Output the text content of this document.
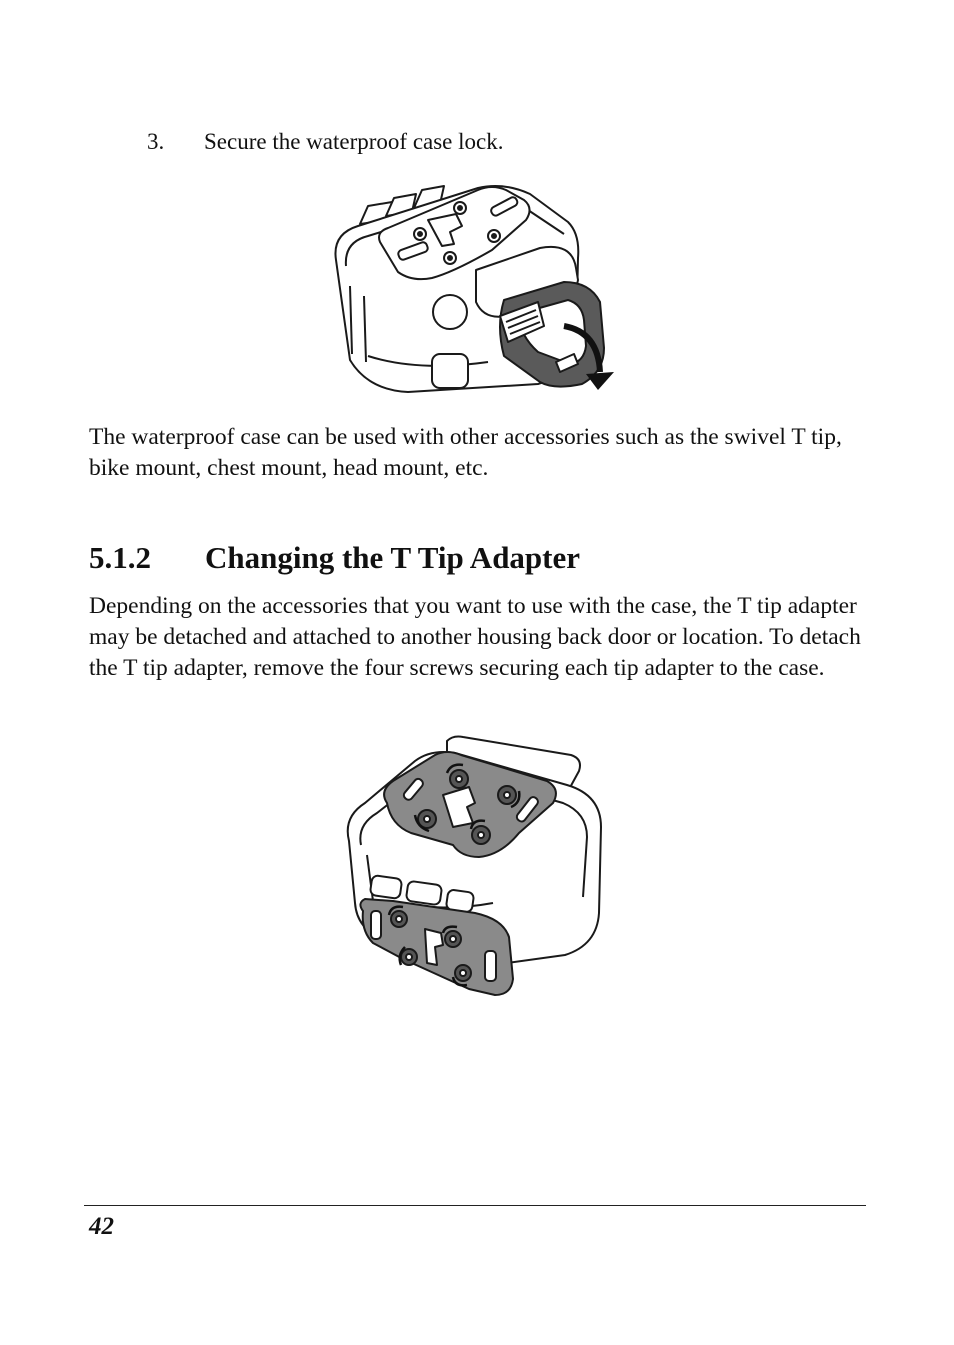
3. Secure the waterproof case lock.

The waterproof case can be used with other accessories such as the swivel T tip, bike mount, chest mount, head mount, etc.

5.1.2 Changing the T Tip Adapter

Depending on the accessories that you want to use with the case, the T tip adapter may be detached and attached to another housing back door or location. To detach the T tip adapter, remove the four screws securing each tip adapter to the case.

42
